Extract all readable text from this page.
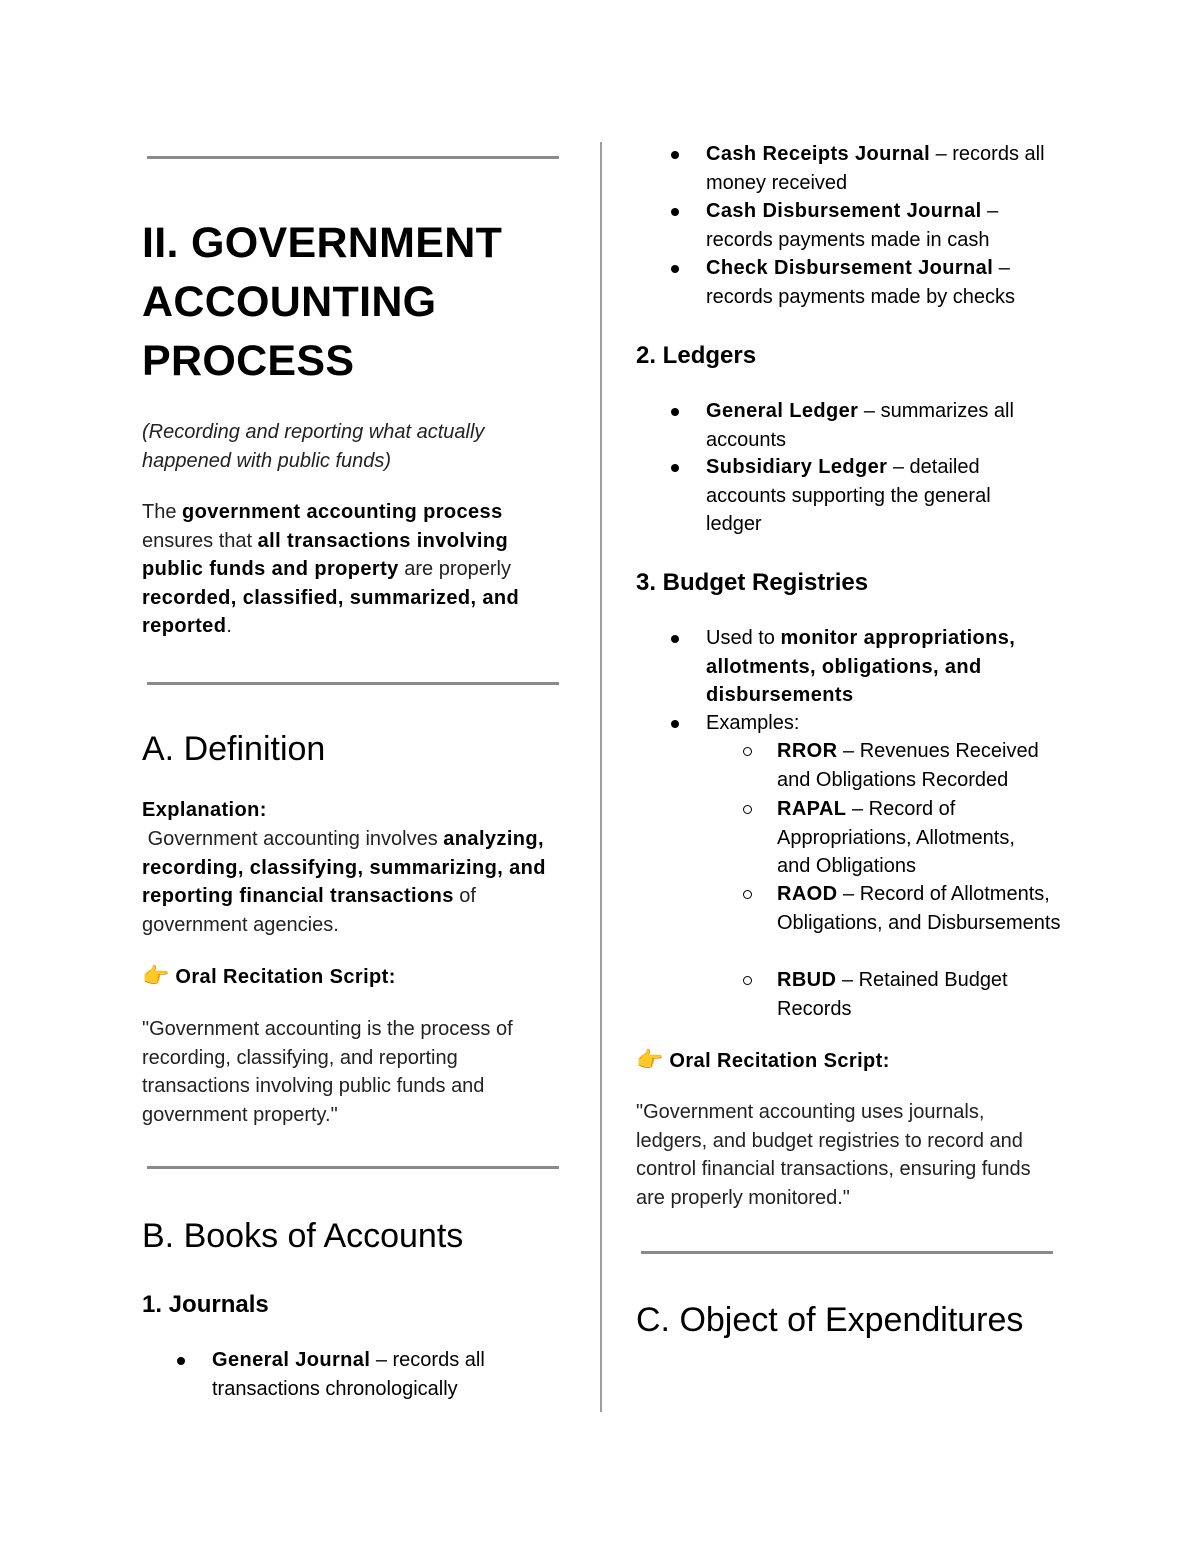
II. GOVERNMENT ACCOUNTING PROCESS
(Recording and reporting what actually happened with public funds)
The government accounting process ensures that all transactions involving public funds and property are properly recorded, classified, summarized, and reported.
A. Definition
Explanation:
Government accounting involves analyzing, recording, classifying, summarizing, and reporting financial transactions of government agencies.
👉 Oral Recitation Script:
"Government accounting is the process of recording, classifying, and reporting transactions involving public funds and government property."
B. Books of Accounts
1. Journals
General Journal – records all transactions chronologically
Cash Receipts Journal – records all money received
Cash Disbursement Journal – records payments made in cash
Check Disbursement Journal – records payments made by checks
2. Ledgers
General Ledger – summarizes all accounts
Subsidiary Ledger – detailed accounts supporting the general ledger
3. Budget Registries
Used to monitor appropriations, allotments, obligations, and disbursements
Examples:
RROR – Revenues Received and Obligations Recorded
RAPAL – Record of Appropriations, Allotments, and Obligations
RAOD – Record of Allotments, Obligations, and Disbursements
RBUD – Retained Budget Records
👉 Oral Recitation Script:
"Government accounting uses journals, ledgers, and budget registries to record and control financial transactions, ensuring funds are properly monitored."
C. Object of Expenditures
